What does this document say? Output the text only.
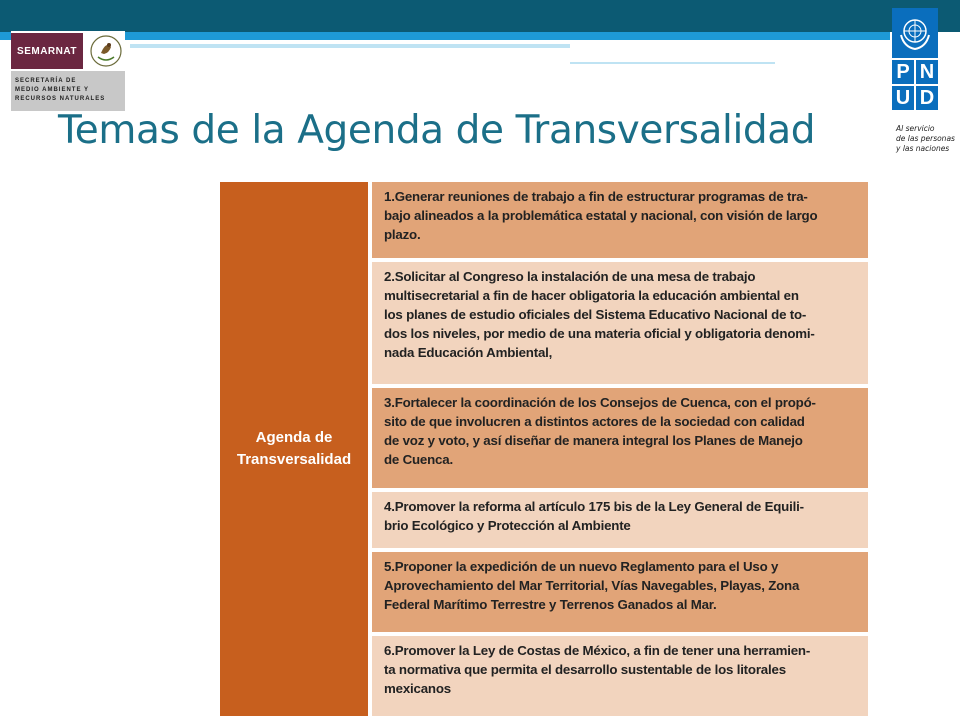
SEMARNAT
SECRETARÍA DE
MEDIO AMBIENTE Y
RECURSOS NATURALES
P N
U D
Al servicio
de las personas
y las naciones
Temas de la Agenda de Transversalidad
Agenda de
Transversalidad
1.Generar reuniones de trabajo a fin de estructurar programas de tra-
bajo alineados a la problemática estatal y nacional, con visión de largo
plazo.
2.Solicitar al Congreso la instalación de una mesa de trabajo
multisecretarial a fin de hacer obligatoria la educación ambiental en
los planes de estudio oficiales del Sistema Educativo Nacional de to-
dos los niveles, por medio de una materia oficial y obligatoria denomi-
nada Educación Ambiental,
3.Fortalecer la coordinación de los Consejos de Cuenca, con el propó-
sito de que involucren a distintos actores de la sociedad con calidad
de voz y voto, y así diseñar de manera integral los Planes de Manejo
de Cuenca.
4.Promover la reforma al artículo 175 bis de la Ley General de Equili-
brio Ecológico y Protección al Ambiente
5.Proponer la expedición de un nuevo Reglamento para el Uso y
Aprovechamiento del Mar Territorial, Vías Navegables, Playas, Zona
Federal Marítimo Terrestre y Terrenos Ganados al Mar.
6.Promover la Ley de Costas de México, a fin de tener una herramien-
ta normativa que permita el desarrollo sustentable de los litorales
mexicanos
